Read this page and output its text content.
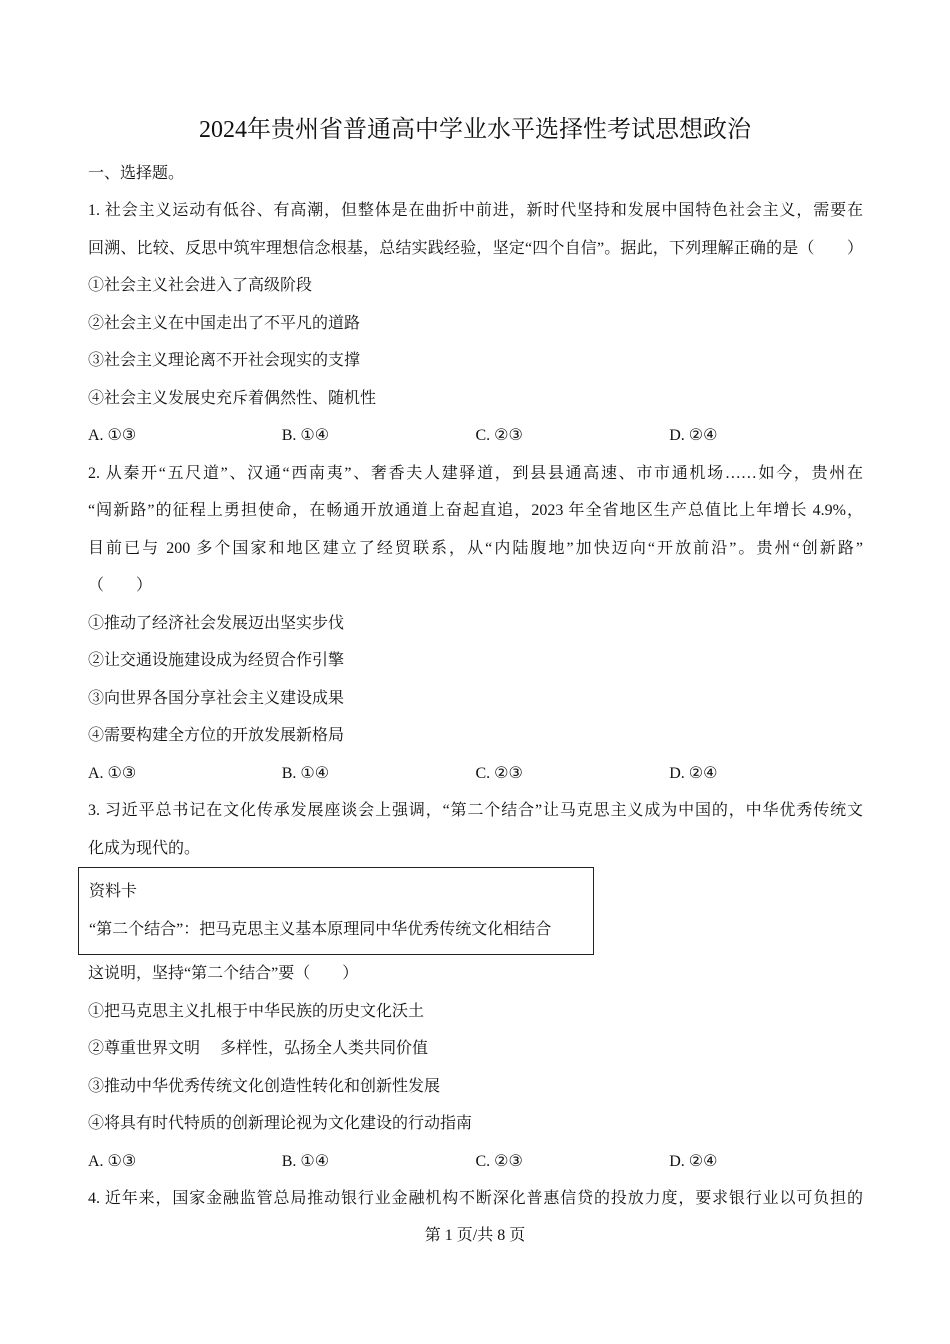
2024年贵州省普通高中学业水平选择性考试思想政治
一、选择题。
1. 社会主义运动有低谷、有高潮，但整体是在曲折中前进，新时代坚持和发展中国特色社会主义，需要在
回溯、比较、反思中筑牢理想信念根基，总结实践经验，坚定“四个自信”。据此，下列理解正确的是（　　）
①社会主义社会进入了高级阶段
②社会主义在中国走出了不平凡的道路
③社会主义理论离不开社会现实的支撑
④社会主义发展史充斥着偶然性、随机性
A. ①③	B. ①④	C. ②③	D. ②④
2. 从秦开“五尺道”、汉通“西南夷”、奢香夫人建驿道，到县县通高速、市市通机场……如今，贵州在
“闯新路”的征程上勇担使命，在畅通开放通道上奋起直追，2023 年全省地区生产总值比上年增长 4.9%，
目前已与 200 多个国家和地区建立了经贸联系，从“内陆腹地”加快迈向“开放前沿”。贵州“创新路”
（　　）
①推动了经济社会发展迈出坚实步伐
②让交通设施建设成为经贸合作引擎
③向世界各国分享社会主义建设成果
④需要构建全方位的开放发展新格局
A. ①③	B. ①④	C. ②③	D. ②④
3. 习近平总书记在文化传承发展座谈会上强调，“第二个结合”让马克思主义成为中国的，中华优秀传统文
化成为现代的。
资料卡
“第二个结合”：把马克思主义基本原理同中华优秀传统文化相结合
这说明，坚持“第二个结合”要（　　）
①把马克思主义扎根于中华民族的历史文化沃土
②尊重世界文明　 多样性，弘扬全人类共同价值
③推动中华优秀传统文化创造性转化和创新性发展
④将具有时代特质的创新理论视为文化建设的行动指南
A. ①③	B. ①④	C. ②③	D. ②④
4. 近年来，国家金融监管总局推动银行业金融机构不断深化普惠信贷的投放力度，要求银行业以可负担的
第 1 页/共 8 页
